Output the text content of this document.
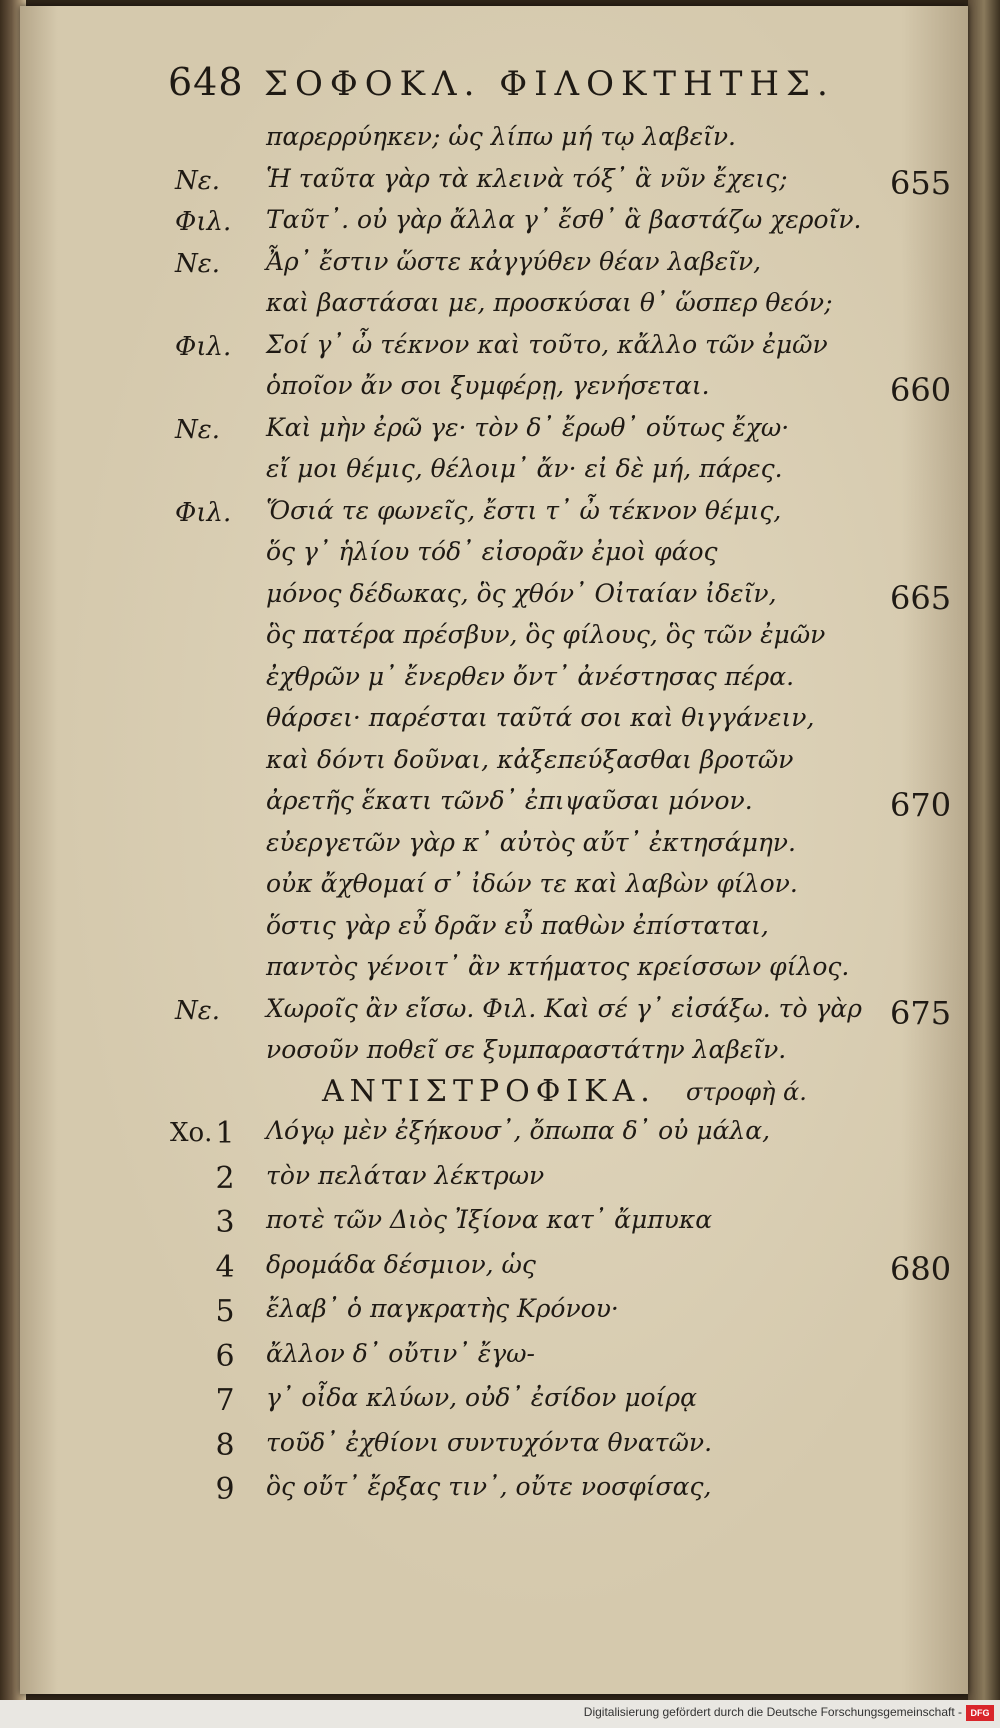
648 ΣΟΦΟΚΛ. ΦΙΛΟΚΤΗΤΗΣ.
παρερρύηκεν; ὡς λίπω μή τῳ λαβεῖν.
Νε. Ἡ ταῦτα γὰρ τὰ κλεινὰ τόξ᾽ ἃ νῦν ἔχεις;	655
Φιλ. Ταῦτ᾽. οὐ γὰρ ἄλλα γ᾽ ἔσθ᾽ ἃ βαστάζω χεροῖν.
Νε. Ἆρ᾽ ἔστιν ὥστε κἀγγύθεν θέαν λαβεῖν,
καὶ βαστάσαι με, προσκύσαι θ᾽ ὥσπερ θεόν;
Φιλ. Σοί γ᾽ ὦ τέκνον καὶ τοῦτο, κἄλλο τῶν ἐμῶν
ὁποῖον ἄν σοι ξυμφέρῃ, γενήσεται.	660
Νε. Καὶ μὴν ἐρῶ γε· τὸν δ᾽ ἔρωθ᾽ οὕτως ἔχω·
εἴ μοι θέμις, θέλοιμ᾽ ἄν· εἰ δὲ μή, πάρες.
Φιλ. Ὅσιά τε φωνεῖς, ἔστι τ᾽ ὦ τέκνον θέμις,
ὅς γ᾽ ἡλίου τόδ᾽ εἰσορᾶν ἐμοὶ φάος
μόνος δέδωκας, ὃς χθόν᾽ Οἰταίαν ἰδεῖν,	665
ὃς πατέρα πρέσβυν, ὃς φίλους, ὃς τῶν ἐμῶν
ἐχθρῶν μ᾽ ἔνερθεν ὄντ᾽ ἀνέστησας πέρα.
θάρσει· παρέσται ταῦτά σοι καὶ θιγγάνειν,
καὶ δόντι δοῦναι, κἀξεπεύξασθαι βροτῶν
ἀρετῆς ἕκατι τῶνδ᾽ ἐπιψαῦσαι μόνον.	670
εὐεργετῶν γὰρ κ᾽ αὐτὸς αὔτ᾽ ἐκτησάμην.
οὐκ ἄχθομαί σ᾽ ἰδών τε καὶ λαβὼν φίλον.
ὅστις γὰρ εὖ δρᾶν εὖ παθὼν ἐπίσταται,
παντὸς γένοιτ᾽ ἂν κτήματος κρείσσων φίλος.
Νε. Χωροῖς ἂν εἴσω. Φιλ. Καὶ σέ γ᾽ εἰσάξω. τὸ γὰρ 675
νοσοῦν ποθεῖ σε ξυμπαραστάτην λαβεῖν.
ΑΝΤΙΣΤΡΟΦΙΚΑ. στροφὴ ά.
1 Λόγῳ μὲν ἐξήκουσ᾽, ὄπωπα δ᾽ οὐ μάλα,
2 τὸν πελάταν λέκτρων
3 ποτὲ τῶν Διὸς Ἰξίονα κατ᾽ ἄμπυκα
4 δρομάδα δέσμιον, ὡς	680
5 ἔλαβ᾽ ὁ παγκρατὴς Κρόνου·
6 ἄλλον δ᾽ οὔτιν᾽ ἔγω-
7 γ᾽ οἶδα κλύων, οὐδ᾽ ἐσίδον μοίρᾳ
8 τοῦδ᾽ ἐχθίονι συντυχόντα θνατῶν.
9 ὃς οὔτ᾽ ἔρξας τιν᾽, οὔτε νοσφίσας,
Χο.
Digitalisierung gefördert durch die Deutsche Forschungsgemeinschaft - DFG
